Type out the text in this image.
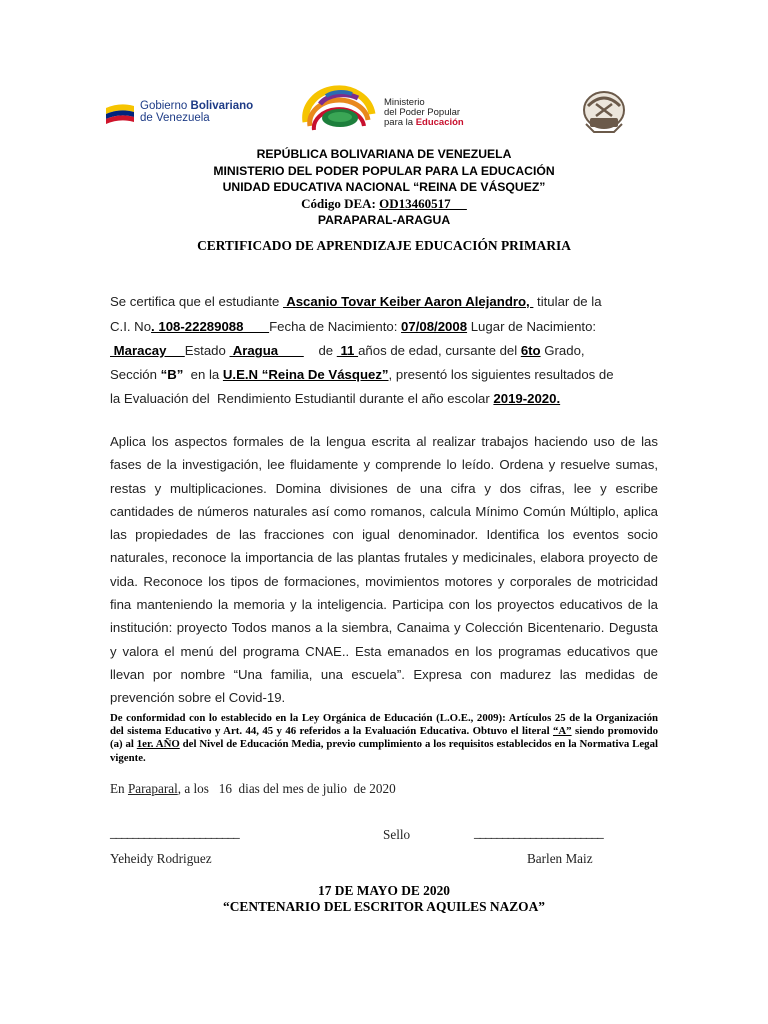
Gobierno Bolivariano
de Venezuela
Ministerio
del Poder Popular
para la Educación
REPÚBLICA BOLIVARIANA DE VENEZUELA
MINISTERIO DEL PODER POPULAR PARA LA EDUCACIÓN
UNIDAD EDUCATIVA NACIONAL “REINA DE VÁSQUEZ”
Código DEA: OD13460517
PARAPARAL-ARAGUA
CERTIFICADO DE APRENDIZAJE EDUCACIÓN PRIMARIA
Se certifica que el estudiante  Ascanio Tovar Keiber Aaron Alejandro,  titular de la
C.I. No. 108-22289088       Fecha de Nacimiento: 07/08/2008 Lugar de Nacimiento:
Maracay     Estado  Aragua           de  11 años de edad, cursante del 6to Grado,
Sección “B”  en la U.E.N “Reina De Vásquez”, presentó los siguientes resultados de
la Evaluación del  Rendimiento Estudiantil durante el año escolar 2019-2020.
Aplica los aspectos formales de la lengua escrita al realizar trabajos haciendo uso de las fases de la investigación, lee fluidamente y comprende lo leído. Ordena y resuelve sumas, restas y multiplicaciones. Domina divisiones de una cifra y dos cifras, lee y escribe cantidades de números naturales así como romanos, calcula Mínimo Común Múltiplo, aplica las propiedades de las fracciones con igual denominador. Identifica los eventos socio naturales, reconoce la importancia de las plantas frutales y medicinales, elabora proyecto de vida. Reconoce los tipos de formaciones, movimientos motores y corporales de motricidad fina manteniendo la memoria y la inteligencia. Participa con los proyectos educativos de la institución: proyecto Todos manos a la siembra, Canaima y Colección Bicentenario. Degusta y valora el menú del programa CNAE.. Esta emanados en los programas educativos que llevan por nombre “Una familia, una escuela”. Expresa con madurez las medidas de prevención sobre el Covid-19.
De conformidad con lo establecido en la Ley Orgánica de Educación (L.O.E., 2009): Artículos 25 de la Organización del sistema Educativo y Art. 44, 45 y 46 referidos a la Evaluación Educativa. Obtuvo el literal “A” siendo promovido (a) al 1er. AÑO del Nivel de Educación Media, previo cumplimiento a los requisitos establecidos en la Normativa Legal vigente.
En Paraparal, a los   16  dias del mes de julio  de 2020
_______________________	Sello	_______________________
Yeheidy Rodriguez	Barlen Maiz
17 DE MAYO DE 2020
“CENTENARIO DEL ESCRITOR AQUILES NAZOA”
